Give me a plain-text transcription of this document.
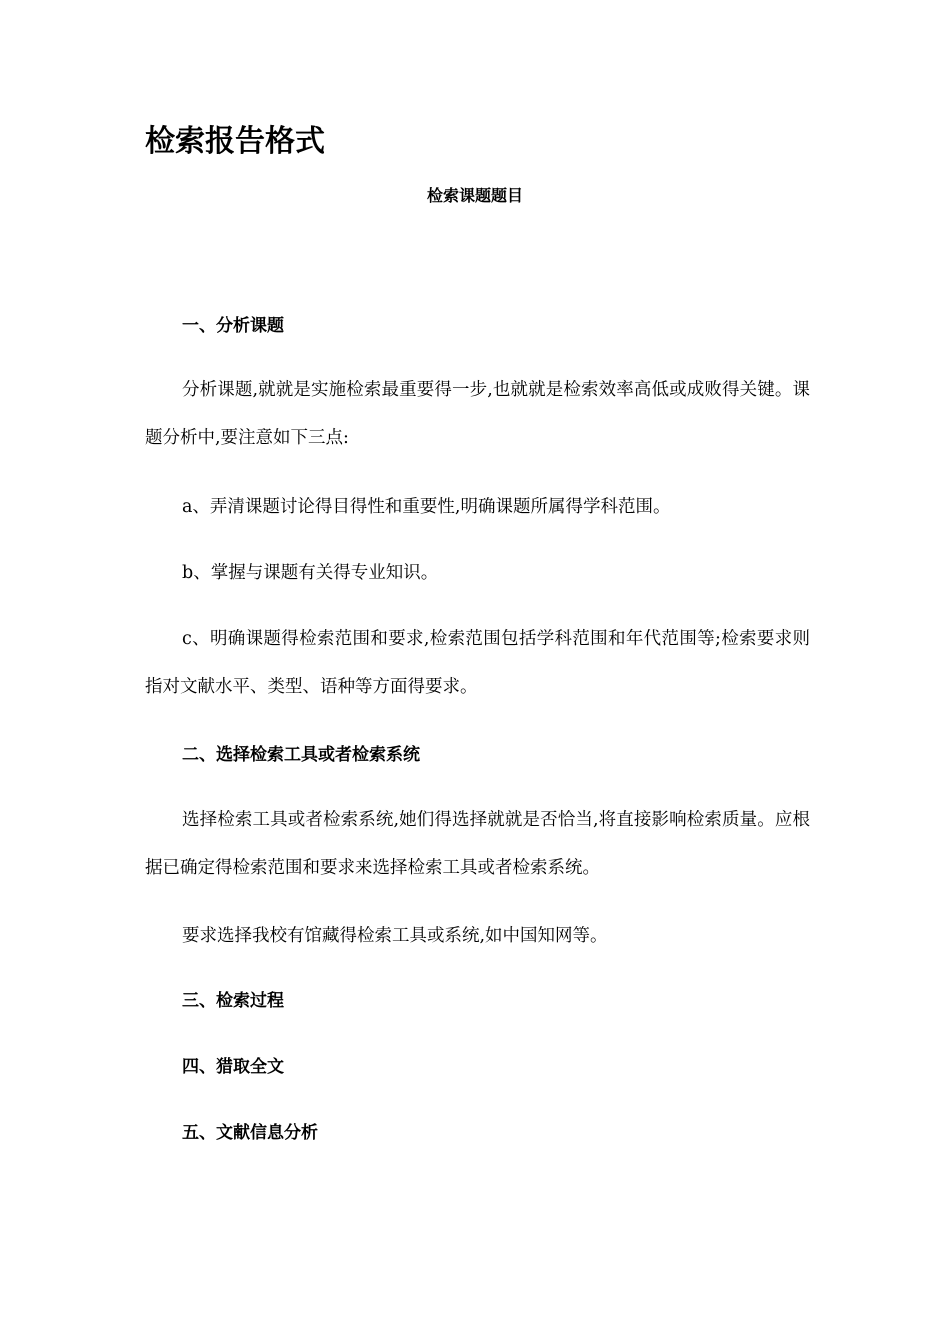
检索报告格式
检索课题题目
一、分析课题

分析课题,就就是实施检索最重要得一步,也就就是检索效率高低或成败得关键。课题分析中,要注意如下三点:

a、弄清课题讨论得目得性和重要性,明确课题所属得学科范围。

b、掌握与课题有关得专业知识。

c、明确课题得检索范围和要求,检索范围包括学科范围和年代范围等;检索要求则指对文献水平、类型、语种等方面得要求。

二、选择检索工具或者检索系统

选择检索工具或者检索系统,她们得选择就就是否恰当,将直接影响检索质量。应根据已确定得检索范围和要求来选择检索工具或者检索系统。

要求选择我校有馆藏得检索工具或系统,如中国知网等。

三、检索过程
四、猎取全文
五、文献信息分析
